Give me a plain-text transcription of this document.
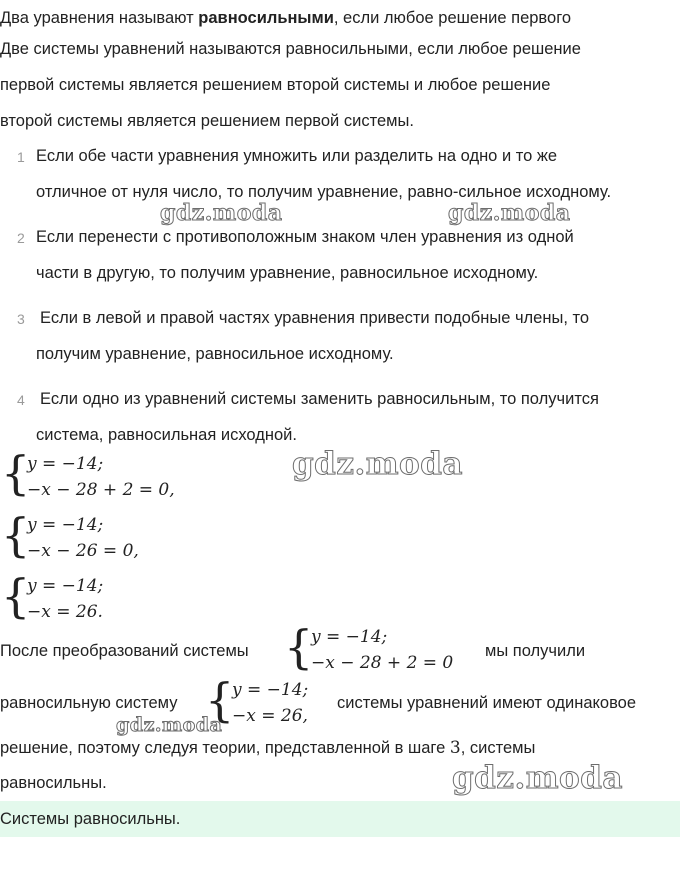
Два уравнения называют равносильными, если любое решение первого
Две системы уравнений называются равносильными, если любое решение
первой системы является решением второй системы и любое решение
второй системы является решением первой системы.
1 Если обе части уравнения умножить или разделить на одно и то же
отличное от нуля число, то получим уравнение, равно-сильное исходному.
2 Если перенести с противоположным знаком член уравнения из одной
части в другую, то получим уравнение, равносильное исходному.
3 Если в левой и правой частях уравнения привести подобные члены, то
получим уравнение, равносильное исходному.
4 Если одно из уравнений системы заменить равносильным, то получится
система, равносильная исходной.
{
y = −14;
−x − 28 + 2 = 0,
{
y = −14;
−x − 26 = 0,
{
y = −14;
−x = 26.
После преобразований системы {
y = −14;
−x − 28 + 2 = 0
мы получили
равносильную систему {
y = −14;
−x = 26,
системы уравнений имеют одинаковое
решение, поэтому следуя теории, представленной в шаге 3, системы
равносильны.
Системы равносильны.
gdz.moda	gdz.moda
gdz.moda
gdz.moda
gdz.moda
